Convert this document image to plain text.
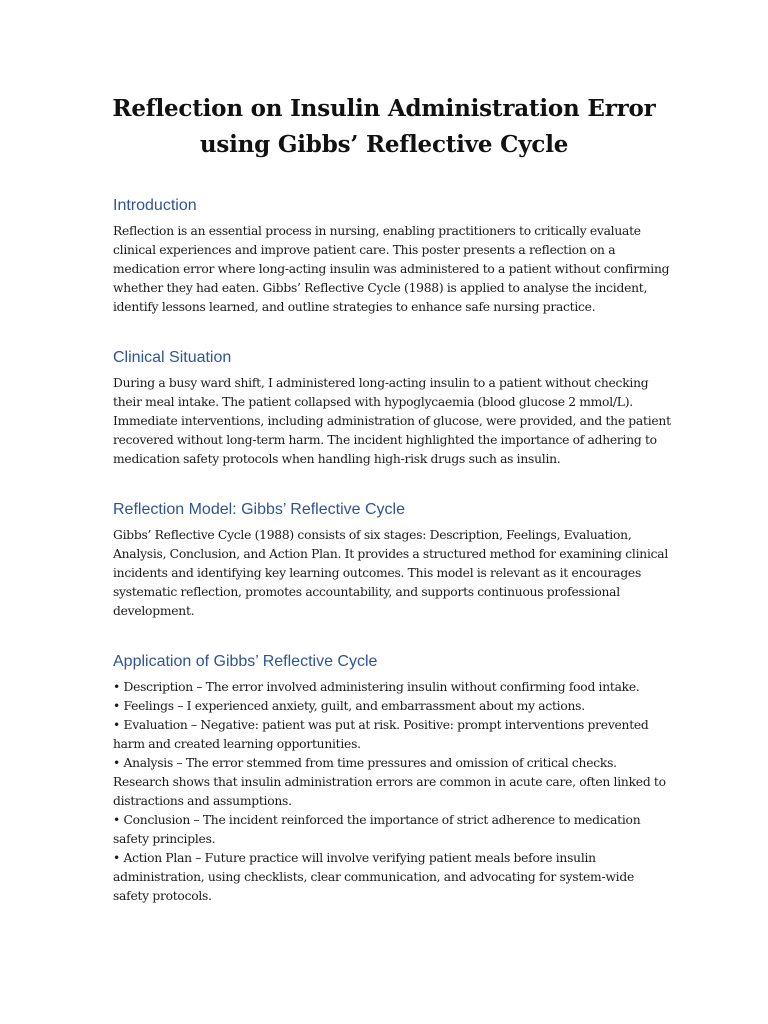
Reflection on Insulin Administration Error
using Gibbs’ Reflective Cycle
Introduction

Reflection is an essential process in nursing, enabling practitioners to critically evaluate clinical experiences and improve patient care. This poster presents a reflection on a medication error where long-acting insulin was administered to a patient without confirming whether they had eaten. Gibbs’ Reflective Cycle (1988) is applied to analyse the incident, identify lessons learned, and outline strategies to enhance safe nursing practice.

Clinical Situation

During a busy ward shift, I administered long-acting insulin to a patient without checking their meal intake. The patient collapsed with hypoglycaemia (blood glucose 2 mmol/L). Immediate interventions, including administration of glucose, were provided, and the patient recovered without long-term harm. The incident highlighted the importance of adhering to medication safety protocols when handling high-risk drugs such as insulin.

Reflection Model: Gibbs’ Reflective Cycle

Gibbs’ Reflective Cycle (1988) consists of six stages: Description, Feelings, Evaluation, Analysis, Conclusion, and Action Plan. It provides a structured method for examining clinical incidents and identifying key learning outcomes. This model is relevant as it encourages systematic reflection, promotes accountability, and supports continuous professional development.

Application of Gibbs’ Reflective Cycle
• Description – The error involved administering insulin without confirming food intake.
• Feelings – I experienced anxiety, guilt, and embarrassment about my actions.
• Evaluation – Negative: patient was put at risk. Positive: prompt interventions prevented harm and created learning opportunities.
• Analysis – The error stemmed from time pressures and omission of critical checks. Research shows that insulin administration errors are common in acute care, often linked to distractions and assumptions.
• Conclusion – The incident reinforced the importance of strict adherence to medication safety principles.
• Action Plan – Future practice will involve verifying patient meals before insulin administration, using checklists, clear communication, and advocating for system-wide safety protocols.
